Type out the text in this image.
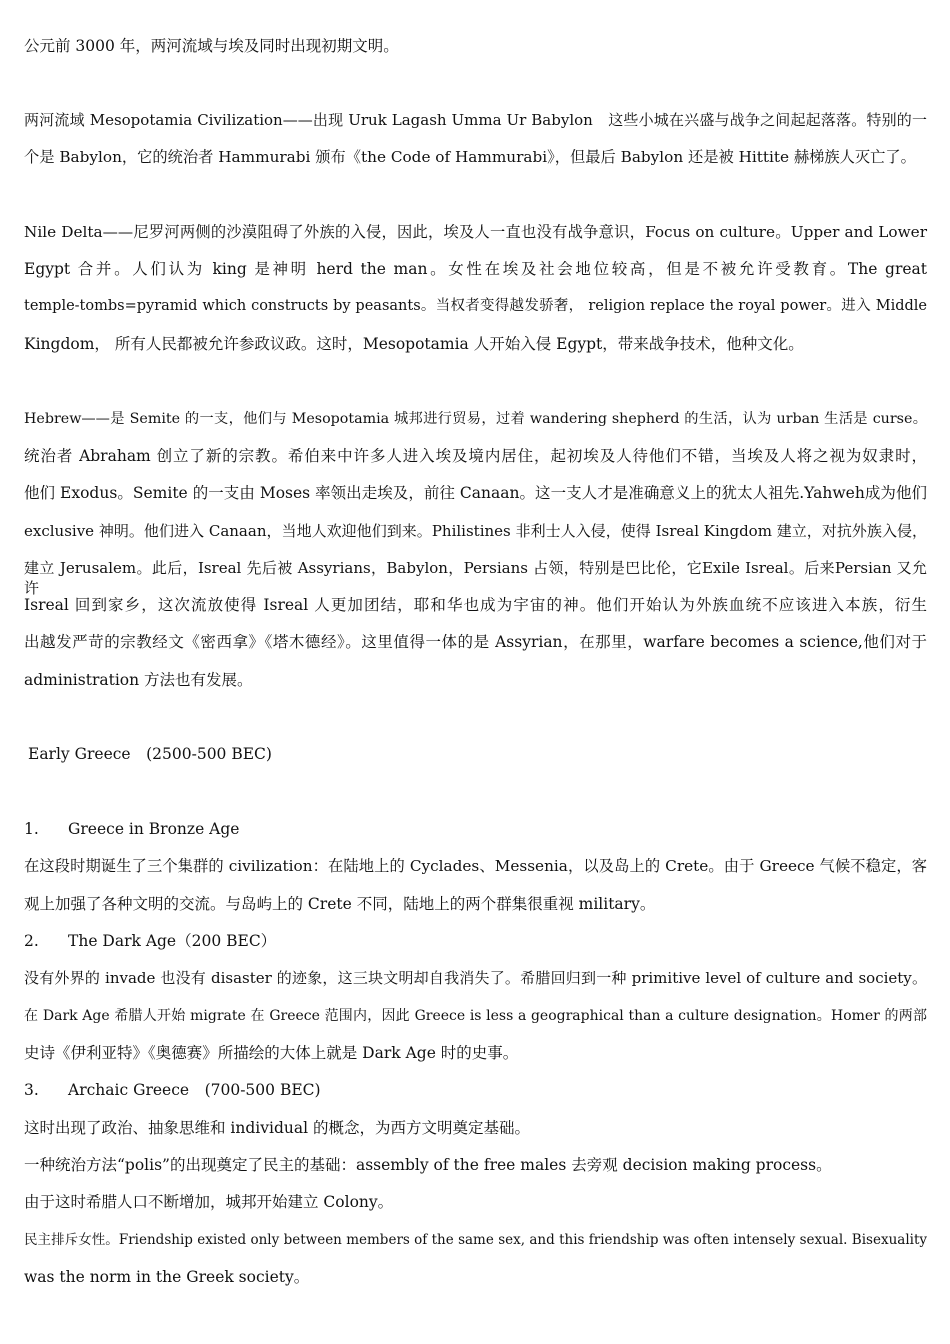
公元前 3000 年，两河流域与埃及同时出现初期文明。
两河流域 Mesopotamia Civilization——出现 Uruk Lagash Umma Ur Babylon　这些小城在兴盛与战争之间起起落落。特别的一
个是 Babylon，它的统治者 Hammurabi 颁布《the Code of Hammurabi》，但最后 Babylon 还是被 Hittite 赫梯族人灭亡了。
Nile Delta——尼罗河两侧的沙漠阻碍了外族的入侵，因此，埃及人一直也没有战争意识，Focus on culture。Upper and Lower
Egypt 合并。人们认为 king 是神明 herd the man。女性在埃及社会地位较高，但是不被允许受教育。The great
temple-tombs=pyramid which constructs by peasants。当权者变得越发骄奢， religion replace the royal power。进入 Middle
Kingdom， 所有人民都被允许参政议政。这时，Mesopotamia 人开始入侵 Egypt，带来战争技术，他种文化。
Hebrew——是 Semite 的一支，他们与 Mesopotamia 城邦进行贸易，过着 wandering shepherd 的生活，认为 urban 生活是 curse。
统治者 Abraham 创立了新的宗教。希伯来中许多人进入埃及境内居住，起初埃及人待他们不错，当埃及人将之视为奴隶时，
他们 Exodus。Semite 的一支由 Moses 率领出走埃及，前往 Canaan。这一支人才是准确意义上的犹太人祖先.Yahweh成为他们
exclusive 神明。他们进入 Canaan，当地人欢迎他们到来。Philistines 非利士人入侵，使得 Isreal Kingdom 建立，对抗外族入侵，
建立 Jerusalem。此后，Isreal 先后被 Assyrians，Babylon，Persians 占领，特别是巴比伦，它Exile Isreal。后来Persian 又允许
Isreal 回到家乡，这次流放使得 Isreal 人更加团结，耶和华也成为宇宙的神。他们开始认为外族血统不应该进入本族，衍生
出越发严苛的宗教经文《密西拿》《塔木德经》。这里值得一体的是 Assyrian，在那里，warfare becomes a science,他们对于
administration 方法也有发展。
Early Greece　(2500-500 BEC)
1. Greece in Bronze Age
在这段时期诞生了三个集群的 civilization：在陆地上的 Cyclades、Messenia，以及岛上的 Crete。由于 Greece 气候不稳定，客
观上加强了各种文明的交流。与岛屿上的 Crete 不同，陆地上的两个群集很重视 military。
2. The Dark Age（200 BEC）
没有外界的 invade 也没有 disaster 的迹象，这三块文明却自我消失了。希腊回归到一种 primitive level of culture and society。
在 Dark Age 希腊人开始 migrate 在 Greece 范围内，因此 Greece is less a geographical than a culture designation。Homer 的两部
史诗《伊利亚特》《奥德赛》所描绘的大体上就是 Dark Age 时的史事。
3. Archaic Greece　(700-500 BEC)
这时出现了政治、抽象思维和 individual 的概念，为西方文明奠定基础。
一种统治方法“polis”的出现奠定了民主的基础：assembly of the free males 去旁观 decision making process。
由于这时希腊人口不断增加，城邦开始建立 Colony。
民主排斥女性。Friendship existed only between members of the same sex, and this friendship was often intensely sexual. Bisexuality
was the norm in the Greek society。
